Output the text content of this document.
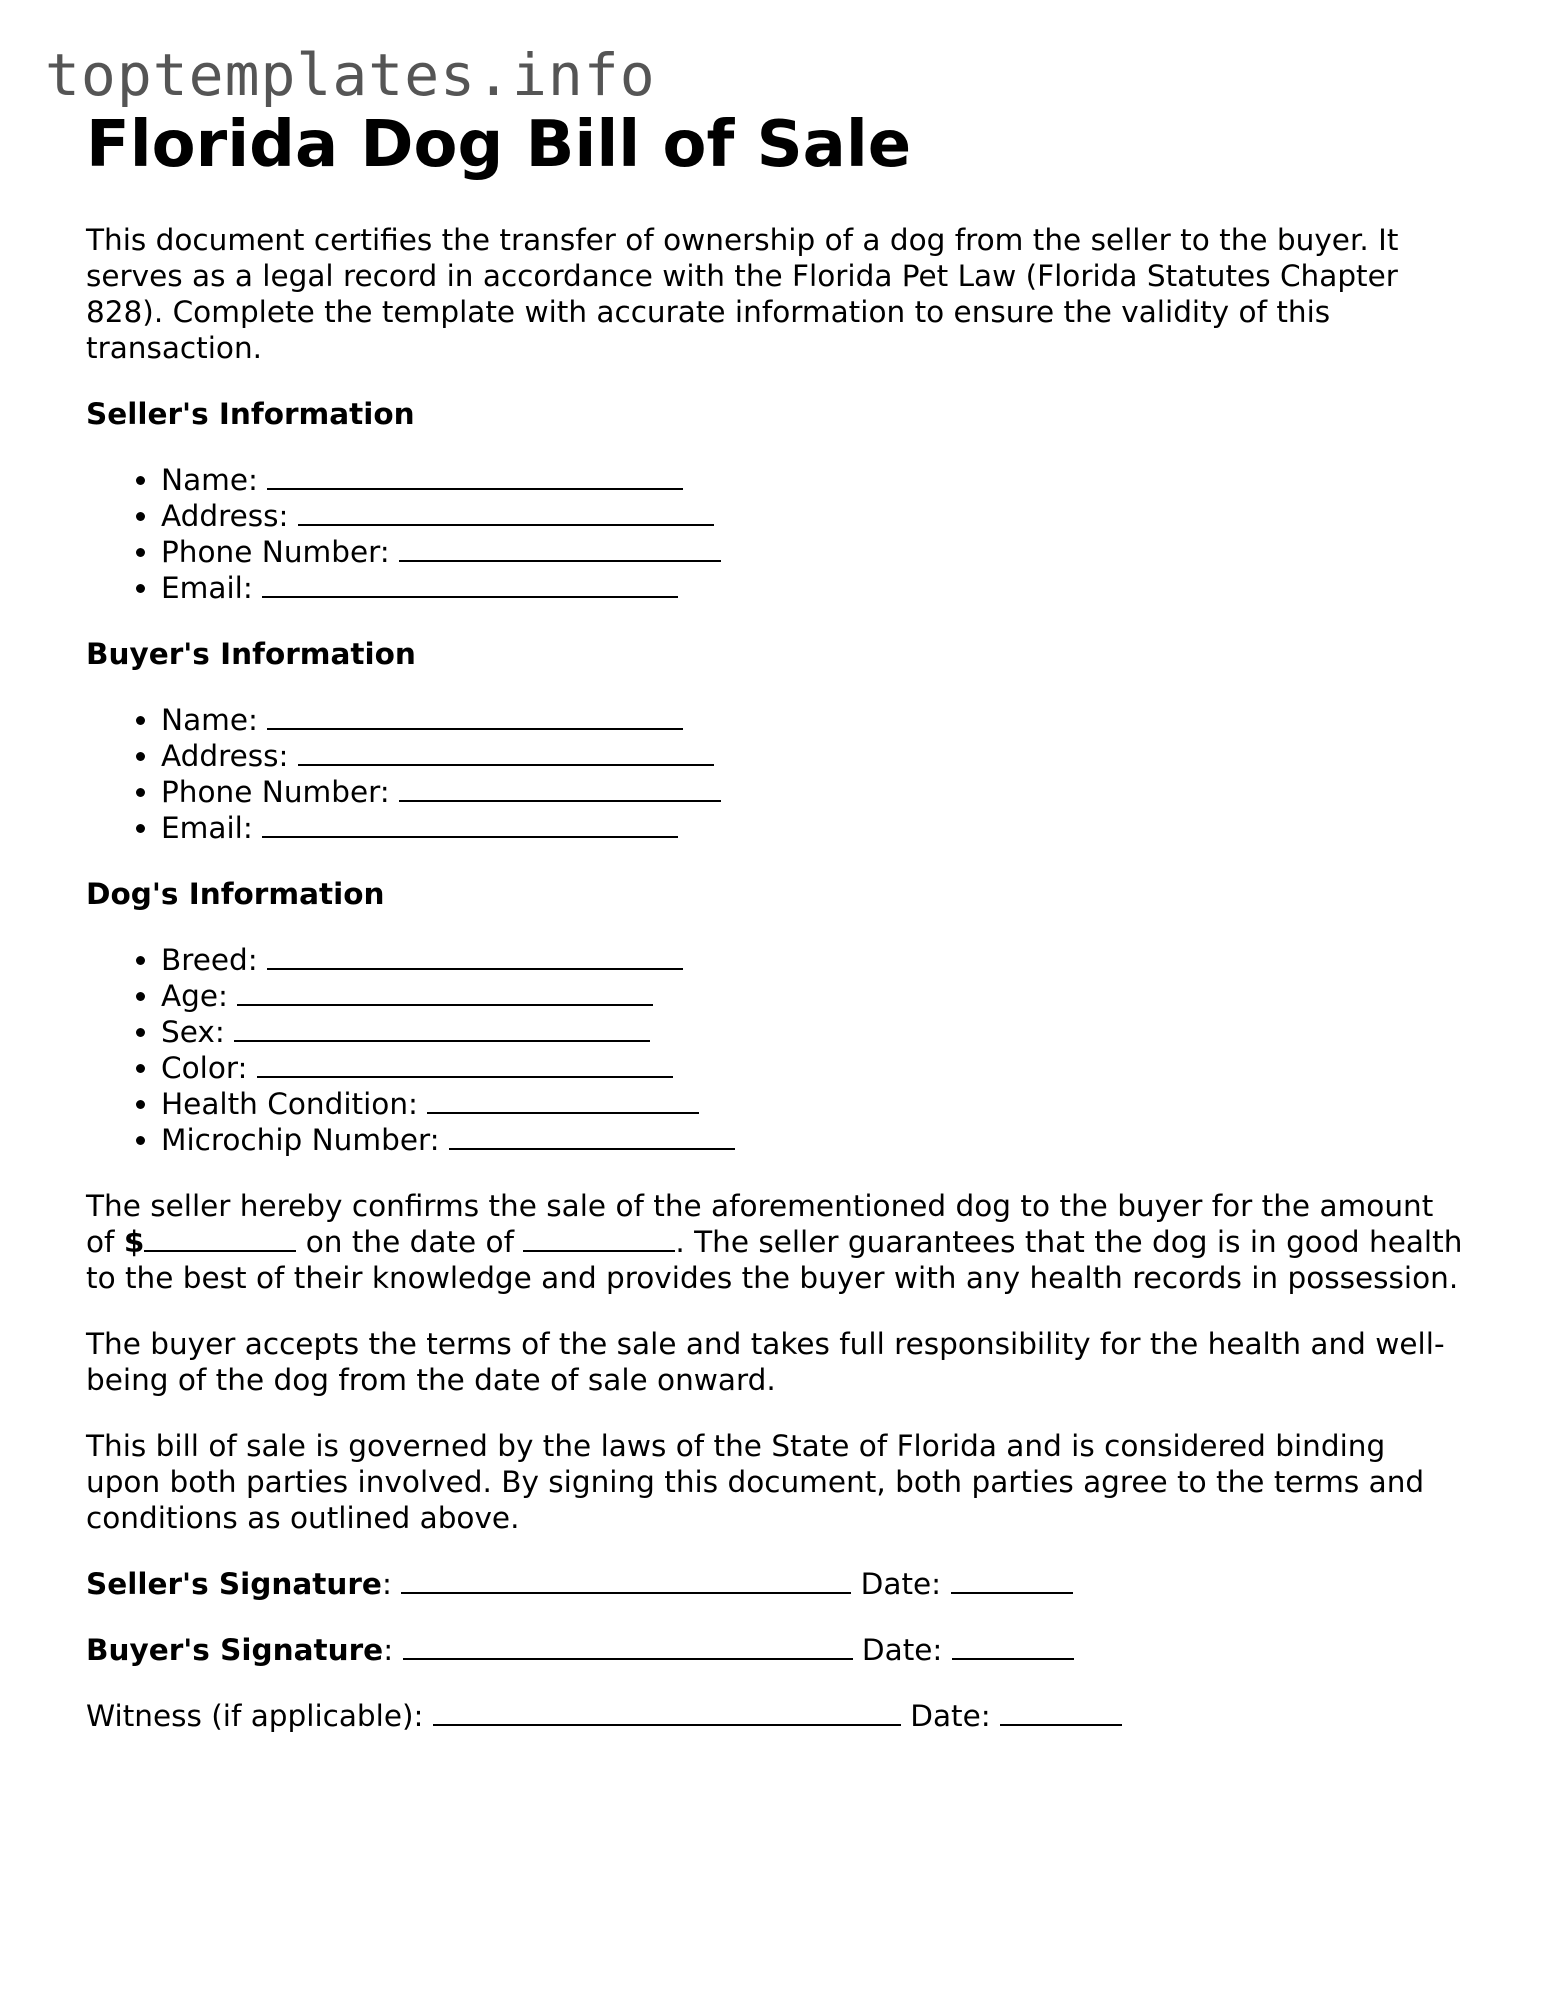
toptemplates.info
Florida Dog Bill of Sale

This document certifies the transfer of ownership of a dog from the seller to the buyer. It serves as a legal record in accordance with the Florida Pet Law (Florida Statutes Chapter 828). Complete the template with accurate information to ensure the validity of this transaction.

Seller's Information
• Name:
• Address:
• Phone Number:
• Email:
Buyer's Information
• Name:
• Address:
• Phone Number:
• Email:
Dog's Information
• Breed:
• Age:
• Sex:
• Color:
• Health Condition:
• Microchip Number:

The seller hereby confirms the sale of the aforementioned dog to the buyer for the amount of $	on the date of	. The seller guarantees that the dog is in good health to the best of their knowledge and provides the buyer with any health records in possession.

The buyer accepts the terms of the sale and takes full responsibility for the health and well-being of the dog from the date of sale onward.

This bill of sale is governed by the laws of the State of Florida and is considered binding upon both parties involved. By signing this document, both parties agree to the terms and conditions as outlined above.

Seller's Signature:	Date:
Buyer's Signature:	Date:
Witness (if applicable):	Date:
